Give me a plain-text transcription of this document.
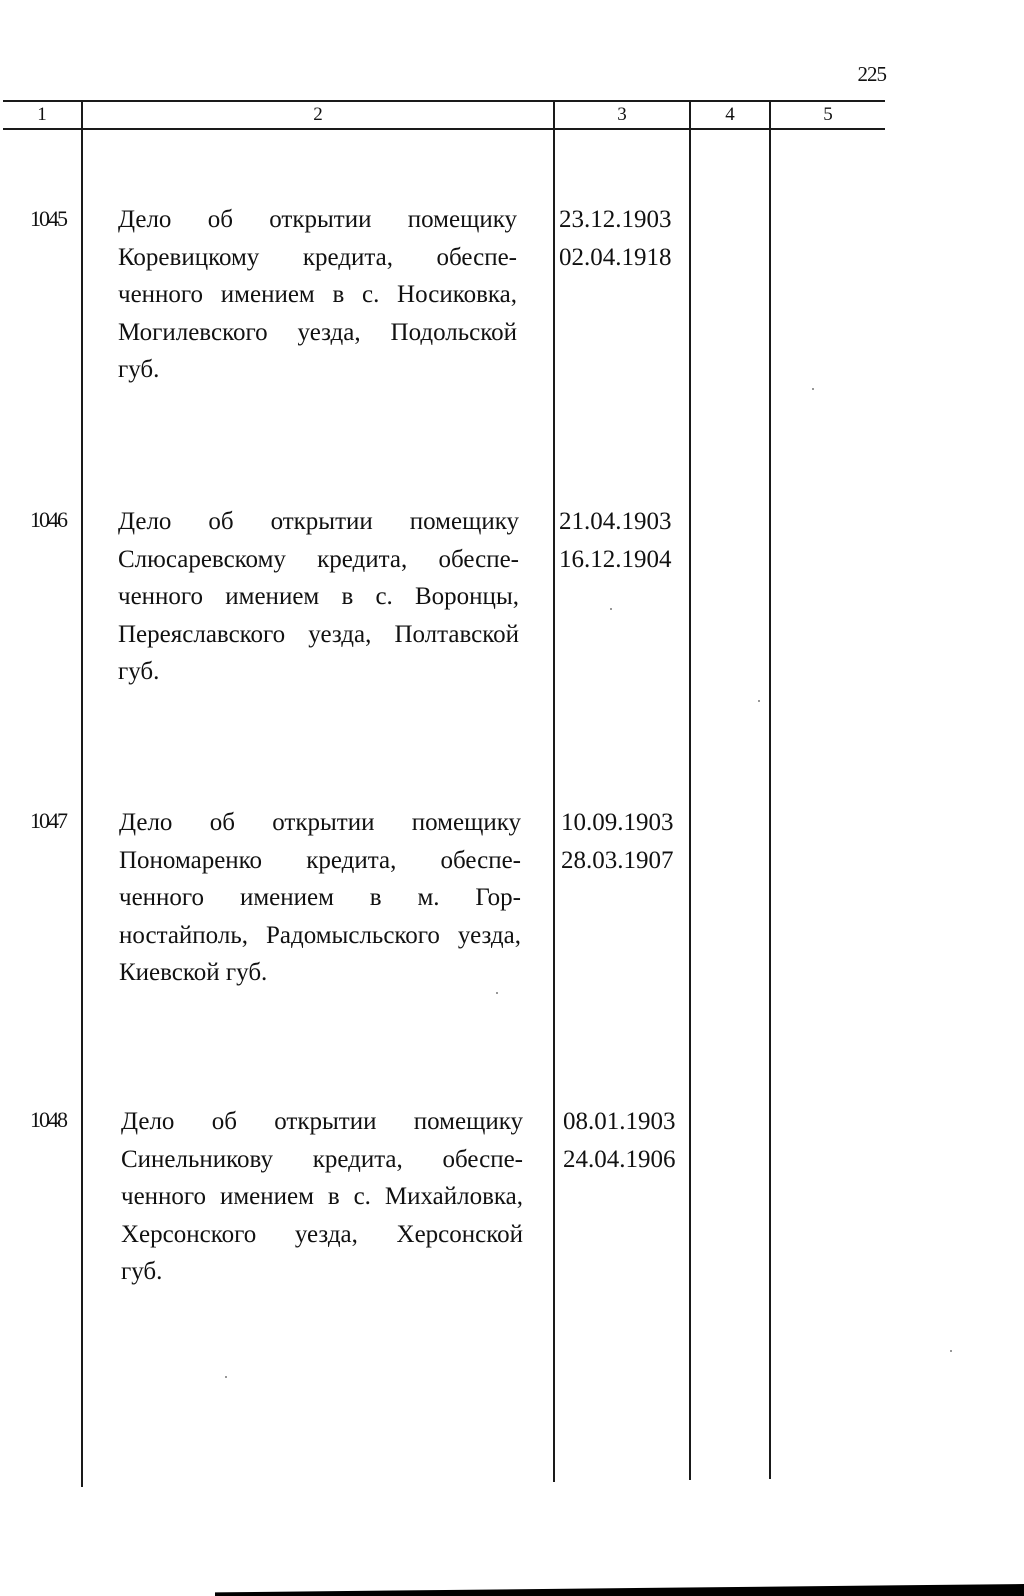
225
1	2	3	4	5
1045 Дело об открытии помещику
Коревицкому кредита, обеспе-
ченного имением в с. Носиковка,
Могилевского уезда, Подольской
губ.
23.12.1903
02.04.1918
1046 Дело об открытии помещику
Слюсаревскому кредита, обеспе-
ченного имением в с. Воронцы,
Переяславского уезда, Полтавской
губ.
21.04.1903
16.12.1904
1047 Дело об открытии помещику
Пономаренко кредита, обеспе-
ченного имением в м. Гор-
ностайполь, Радомысльского уезда,
Киевской губ.
10.09.1903
28.03.1907
1048 Дело об открытии помещику
Синельникову кредита, обеспе-
ченного имением в с. Михайловка,
Херсонского уезда, Херсонской
губ.
08.01.1903
24.04.1906
